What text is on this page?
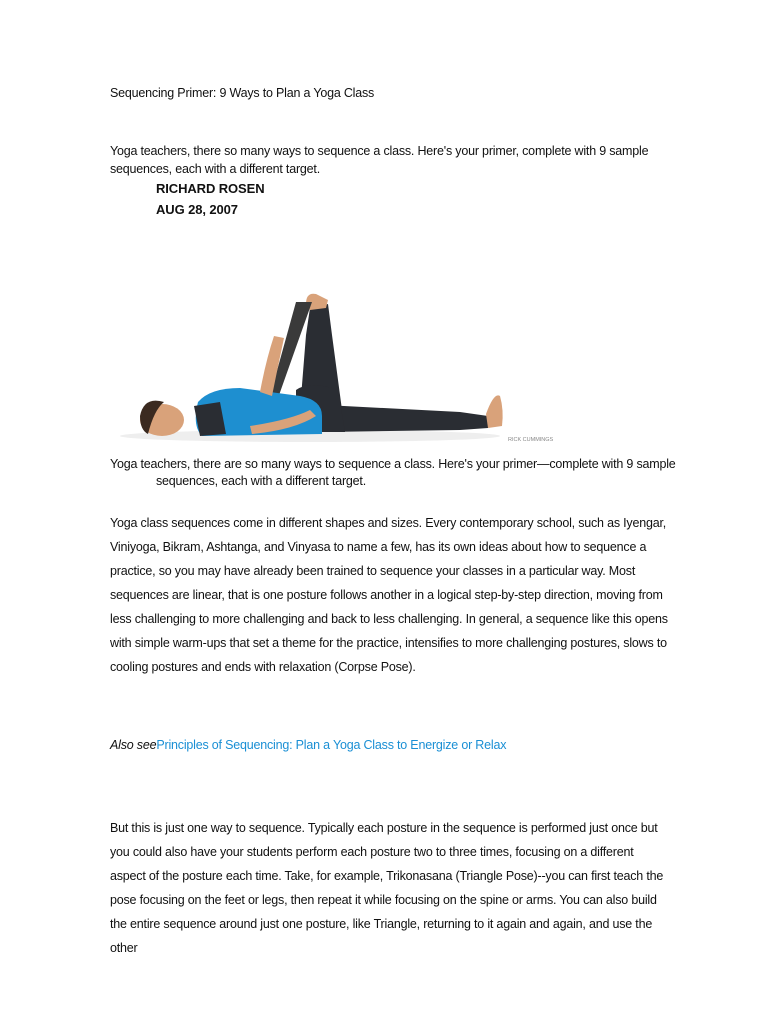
Sequencing Primer: 9 Ways to Plan a Yoga Class
Yoga teachers, there so many ways to sequence a class. Here's your primer, complete with 9 sample sequences, each with a different target.
RICHARD ROSEN
AUG 28, 2007
RICK CUMMINGS
Yoga teachers, there are so many ways to sequence a class. Here's your primer—complete with 9 sample
sequences, each with a different target.
Yoga class sequences come in different shapes and sizes. Every contemporary school, such as Iyengar, Viniyoga, Bikram, Ashtanga, and Vinyasa to name a few, has its own ideas about how to sequence a practice, so you may have already been trained to sequence your classes in a particular way. Most sequences are linear, that is one posture follows another in a logical step-by-step direction, moving from less challenging to more challenging and back to less challenging. In general, a sequence like this opens with simple warm-ups that set a theme for the practice, intensifies to more challenging postures, slows to cooling postures and ends with relaxation (Corpse Pose).
Also seePrinciples of Sequencing: Plan a Yoga Class to Energize or Relax
But this is just one way to sequence. Typically each posture in the sequence is performed just once but you could also have your students perform each posture two to three times, focusing on a different aspect of the posture each time. Take, for example, Trikonasana (Triangle Pose)--you can first teach the pose focusing on the feet or legs, then repeat it while focusing on the spine or arms. You can also build the entire sequence around just one posture, like Triangle, returning to it again and again, and use the other
